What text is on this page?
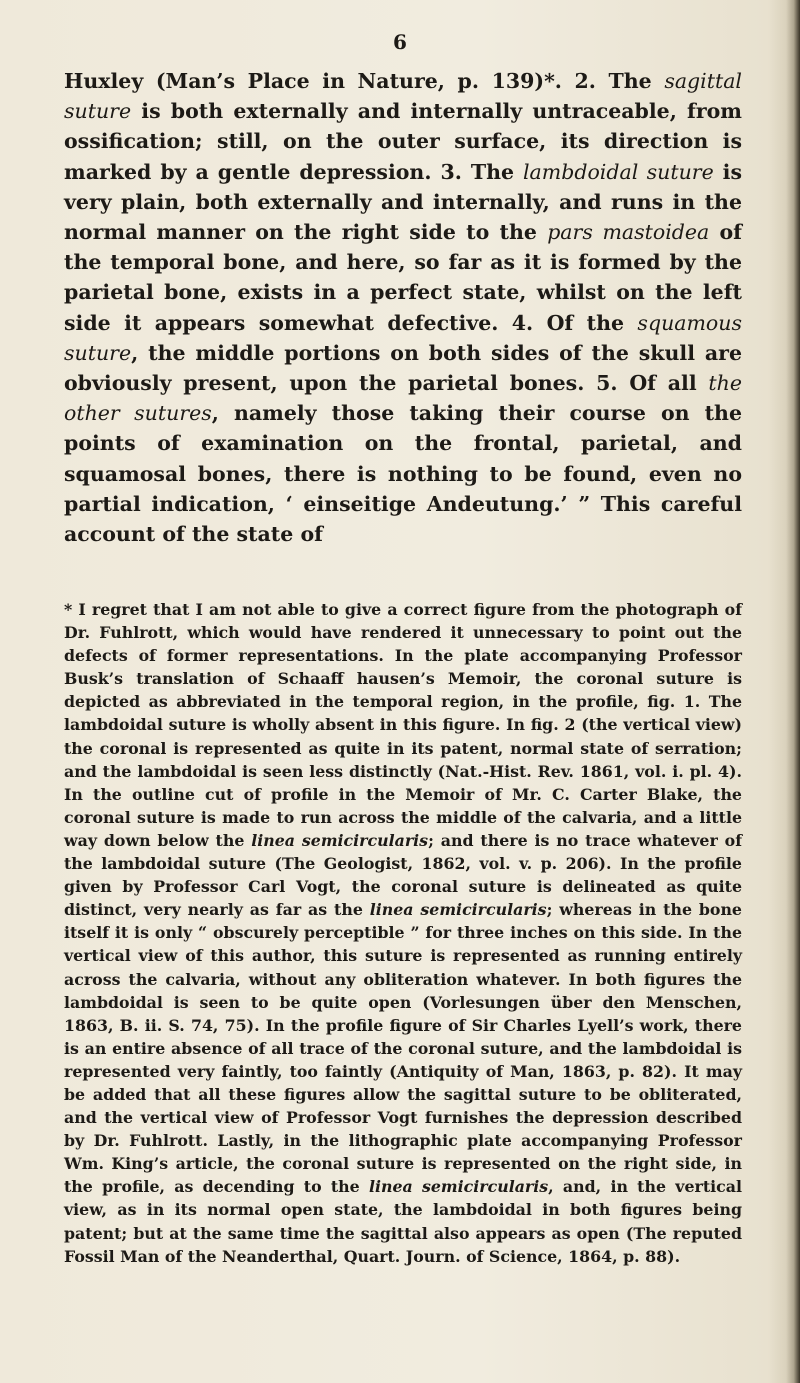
6

Huxley (Man’s Place in Nature, p. 139)*. 2. The sagittal suture is both externally and internally untraceable, from ossification; still, on the outer surface, its direction is marked by a gentle depression. 3. The lambdoidal suture is very plain, both externally and internally, and runs in the normal manner on the right side to the pars mastoidea of the temporal bone, and here, so far as it is formed by the parietal bone, exists in a perfect state, whilst on the left side it appears somewhat defective. 4. Of the squamous suture, the middle portions on both sides of the skull are obviously present, upon the parietal bones. 5. Of all the other sutures, namely those taking their course on the points of examination on the frontal, parietal, and squamosal bones, there is nothing to be found, even no partial indication, ‘ einseitige Andeutung.’ ” This careful account of the state of

* I regret that I am not able to give a correct figure from the photograph of Dr. Fuhlrott, which would have rendered it unnecessary to point out the defects of former representations. In the plate accompanying Professor Busk’s translation of Schaaff hausen’s Memoir, the coronal suture is depicted as abbreviated in the temporal region, in the profile, fig. 1. The lambdoidal suture is wholly absent in this figure. In fig. 2 (the vertical view) the coronal is represented as quite in its patent, normal state of serration; and the lambdoidal is seen less distinctly (Nat.-Hist. Rev. 1861, vol. i. pl. 4). In the outline cut of profile in the Memoir of Mr. C. Carter Blake, the coronal suture is made to run across the middle of the calvaria, and a little way down below the linea semicircularis; and there is no trace whatever of the lambdoidal suture (The Geologist, 1862, vol. v. p. 206). In the profile given by Professor Carl Vogt, the coronal suture is delineated as quite distinct, very nearly as far as the linea semicircularis; whereas in the bone itself it is only “ obscurely perceptible ” for three inches on this side. In the vertical view of this author, this suture is represented as running entirely across the calvaria, without any obliteration whatever. In both figures the lambdoidal is seen to be quite open (Vorlesungen über den Menschen, 1863, B. ii. S. 74, 75). In the profile figure of Sir Charles Lyell’s work, there is an entire absence of all trace of the coronal suture, and the lambdoidal is represented very faintly, too faintly (Antiquity of Man, 1863, p. 82). It may be added that all these figures allow the sagittal suture to be obliterated, and the vertical view of Professor Vogt furnishes the depression described by Dr. Fuhlrott. Lastly, in the lithographic plate accompanying Professor Wm. King’s article, the coronal suture is represented on the right side, in the profile, as decending to the linea semicircularis, and, in the vertical view, as in its normal open state, the lambdoidal in both figures being patent; but at the same time the sagittal also appears as open (The reputed Fossil Man of the Neanderthal, Quart. Journ. of Science, 1864, p. 88).
